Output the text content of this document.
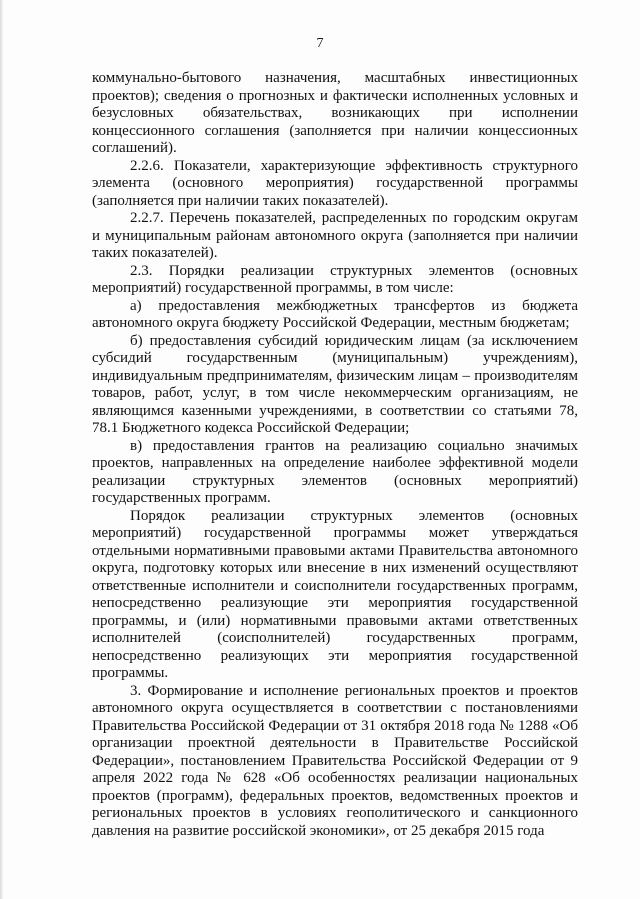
7

коммунально-бытового назначения, масштабных инвестиционных проектов); сведения о прогнозных и фактически исполненных условных и безусловных обязательствах, возникающих при исполнении концессионного соглашения (заполняется при наличии концессионных соглашений).

2.2.6. Показатели, характеризующие эффективность структурного элемента (основного мероприятия) государственной программы (заполняется при наличии таких показателей).

2.2.7. Перечень показателей, распределенных по городским округам и муниципальным районам автономного округа (заполняется при наличии таких показателей).

2.3. Порядки реализации структурных элементов (основных мероприятий) государственной программы, в том числе:

а) предоставления межбюджетных трансфертов из бюджета автономного округа бюджету Российской Федерации, местным бюджетам;

б) предоставления субсидий юридическим лицам (за исключением субсидий государственным (муниципальным) учреждениям), индивидуальным предпринимателям, физическим лицам – производителям товаров, работ, услуг, в том числе некоммерческим организациям, не являющимся казенными учреждениями, в соответствии со статьями 78, 78.1 Бюджетного кодекса Российской Федерации;

в) предоставления грантов на реализацию социально значимых проектов, направленных на определение наиболее эффективной модели реализации структурных элементов (основных мероприятий) государственных программ.

Порядок реализации структурных элементов (основных мероприятий) государственной программы может утверждаться отдельными нормативными правовыми актами Правительства автономного округа, подготовку которых или внесение в них изменений осуществляют ответственные исполнители и соисполнители государственных программ, непосредственно реализующие эти мероприятия государственной программы, и (или) нормативными правовыми актами ответственных исполнителей (соисполнителей) государственных программ, непосредственно реализующих эти мероприятия государственной программы.

3. Формирование и исполнение региональных проектов и проектов автономного округа осуществляется в соответствии с постановлениями Правительства Российской Федерации от 31 октября 2018 года № 1288 «Об организации проектной деятельности в Правительстве Российской Федерации», постановлением Правительства Российской Федерации от 9 апреля 2022 года № 628 «Об особенностях реализации национальных проектов (программ), федеральных проектов, ведомственных проектов и региональных проектов в условиях геополитического и санкционного давления на развитие российской экономики», от 25 декабря 2015 года
